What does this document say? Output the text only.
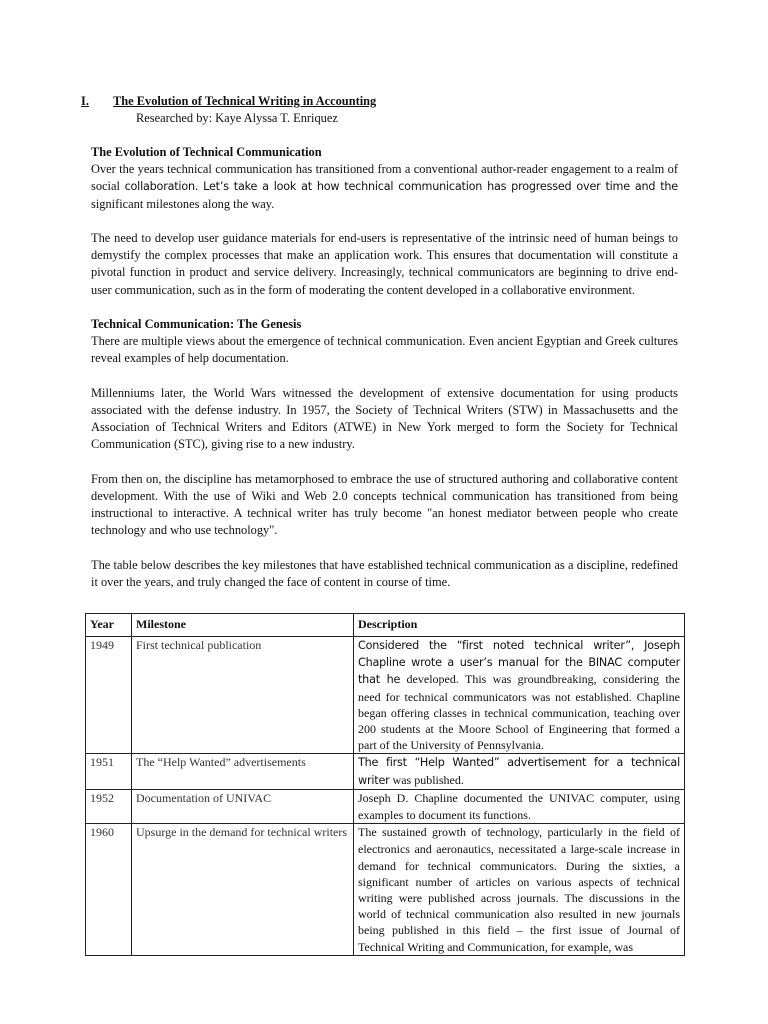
I. The Evolution of Technical Writing in Accounting
Researched by: Kaye Alyssa T. Enriquez
The Evolution of Technical Communication

Over the years technical communication has transitioned from a conventional author-reader engagement to a realm of social collaboration. Let’s take a look at how technical communication has progressed over time and the significant milestones along the way.

The need to develop user guidance materials for end-users is representative of the intrinsic need of human beings to demystify the complex processes that make an application work. This ensures that documentation will constitute a pivotal function in product and service delivery. Increasingly, technical communicators are beginning to drive end-user communication, such as in the form of moderating the content developed in a collaborative environment.

Technical Communication: The Genesis

There are multiple views about the emergence of technical communication. Even ancient Egyptian and Greek cultures reveal examples of help documentation.

Millenniums later, the World Wars witnessed the development of extensive documentation for using products associated with the defense industry. In 1957, the Society of Technical Writers (STW) in Massachusetts and the Association of Technical Writers and Editors (ATWE) in New York merged to form the Society for Technical Communication (STC), giving rise to a new industry.

From then on, the discipline has metamorphosed to embrace the use of structured authoring and collaborative content development. With the use of Wiki and Web 2.0 concepts technical communication has transitioned from being instructional to interactive. A technical writer has truly become "an honest mediator between people who create technology and who use technology".

The table below describes the key milestones that have established technical communication as a discipline, redefined it over the years, and truly changed the face of content in course of time.

Year	Milestone	Description
1949	First technical publication	Considered the “first noted technical writer”, Joseph Chapline wrote a user’s manual for the BINAC computer that he developed. This was groundbreaking, considering the need for technical communicators was not established. Chapline began offering classes in technical communication, teaching over 200 students at the Moore School of Engineering that formed a part of the University of Pennsylvania.
1951	The “Help Wanted” advertisements	The first “Help Wanted” advertisement for a technical writer was published.
1952	Documentation of UNIVAC	Joseph D. Chapline documented the UNIVAC computer, using examples to document its functions.
1960	Upsurge in the demand for technical writers	The sustained growth of technology, particularly in the field of electronics and aeronautics, necessitated a large-scale increase in demand for technical communicators. During the sixties, a significant number of articles on various aspects of technical writing were published across journals. The discussions in the world of technical communication also resulted in new journals being published in this field – the first issue of Journal of Technical Writing and Communication, for example, was
